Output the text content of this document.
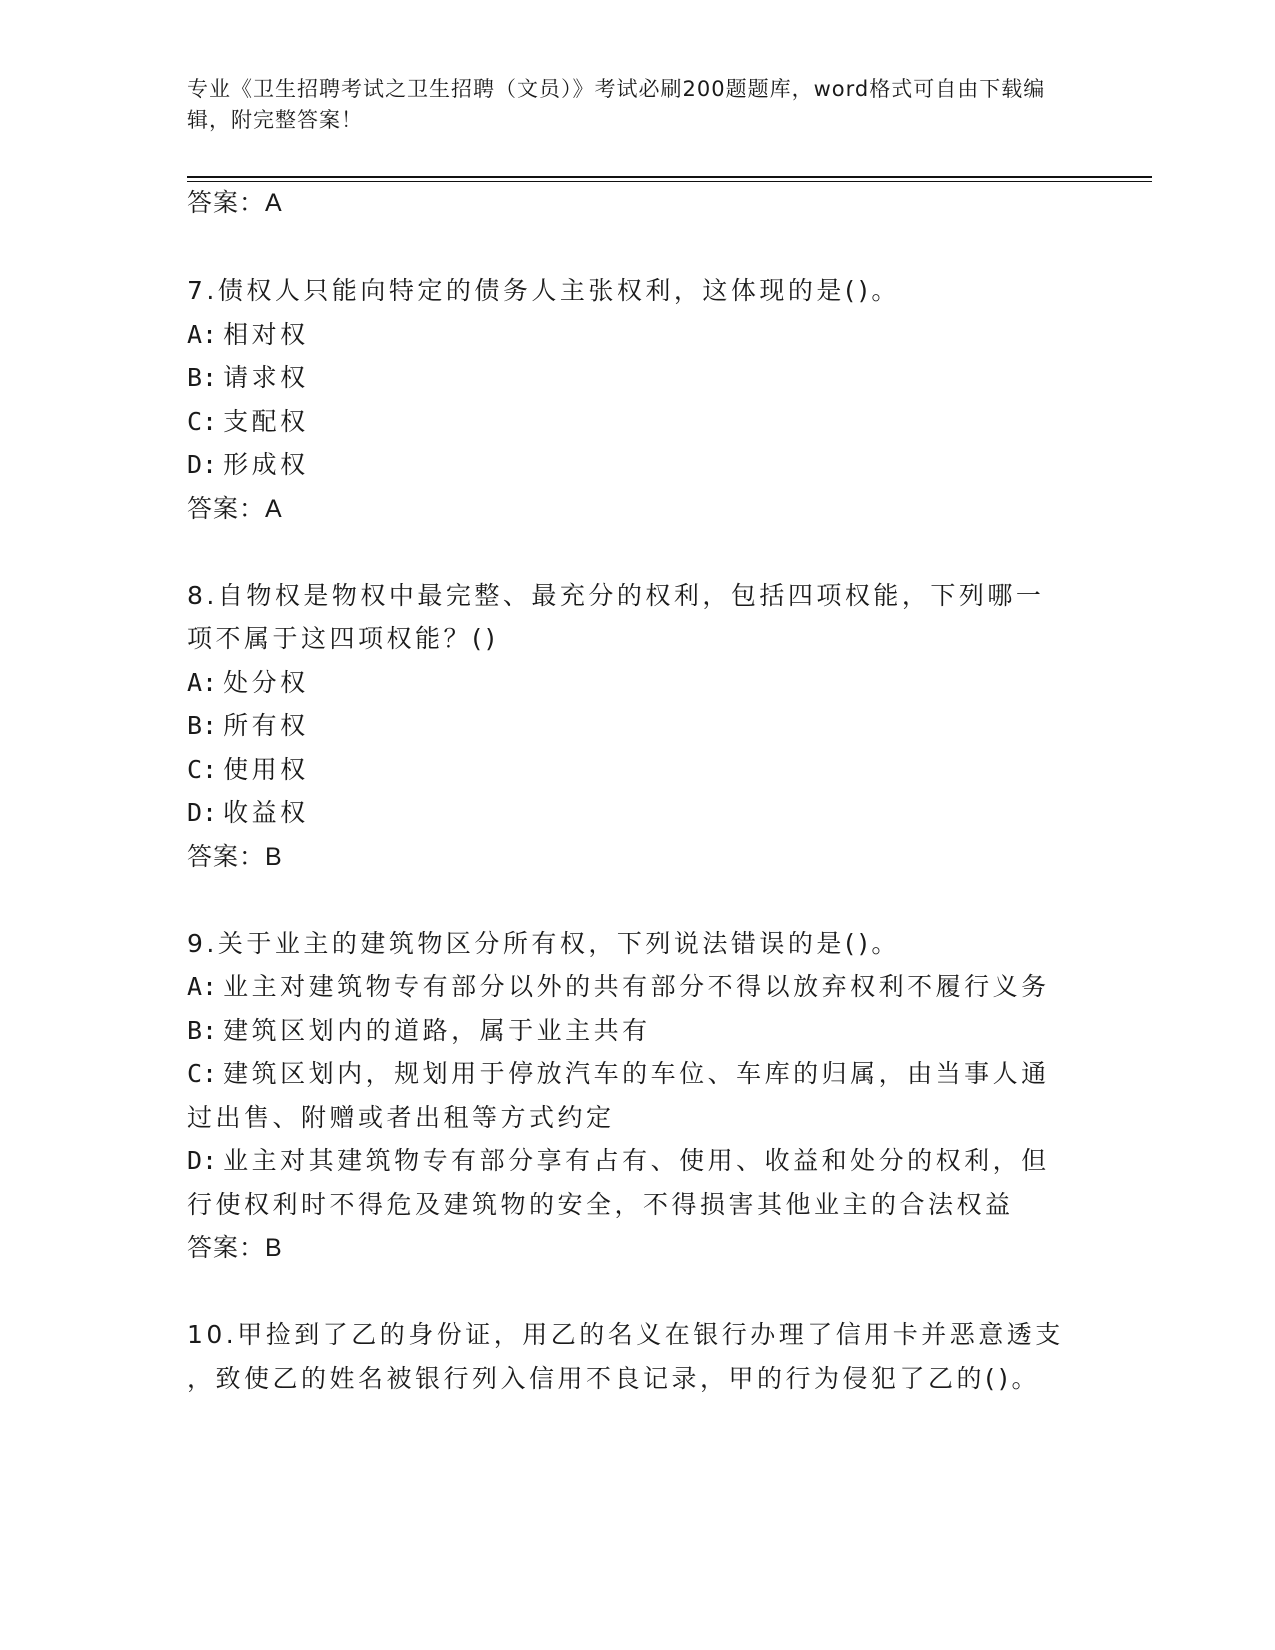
专业《卫生招聘考试之卫生招聘（文员）》考试必刷200题题库，word格式可自由下载编辑，附完整答案！
答案：A
7.债权人只能向特定的债务人主张权利，这体现的是()。
A: 相对权
B: 请求权
C: 支配权
D: 形成权
答案：A
8.自物权是物权中最完整、最充分的权利，包括四项权能，下列哪一
项不属于这四项权能？()
A: 处分权
B: 所有权
C: 使用权
D: 收益权
答案：B
9.关于业主的建筑物区分所有权，下列说法错误的是()。
A: 业主对建筑物专有部分以外的共有部分不得以放弃权利不履行义务
B: 建筑区划内的道路，属于业主共有
C: 建筑区划内，规划用于停放汽车的车位、车库的归属，由当事人通
过出售、附赠或者出租等方式约定
D: 业主对其建筑物专有部分享有占有、使用、收益和处分的权利，但
行使权利时不得危及建筑物的安全，不得损害其他业主的合法权益
答案：B
10.甲捡到了乙的身份证，用乙的名义在银行办理了信用卡并恶意透支
，致使乙的姓名被银行列入信用不良记录，甲的行为侵犯了乙的()。
